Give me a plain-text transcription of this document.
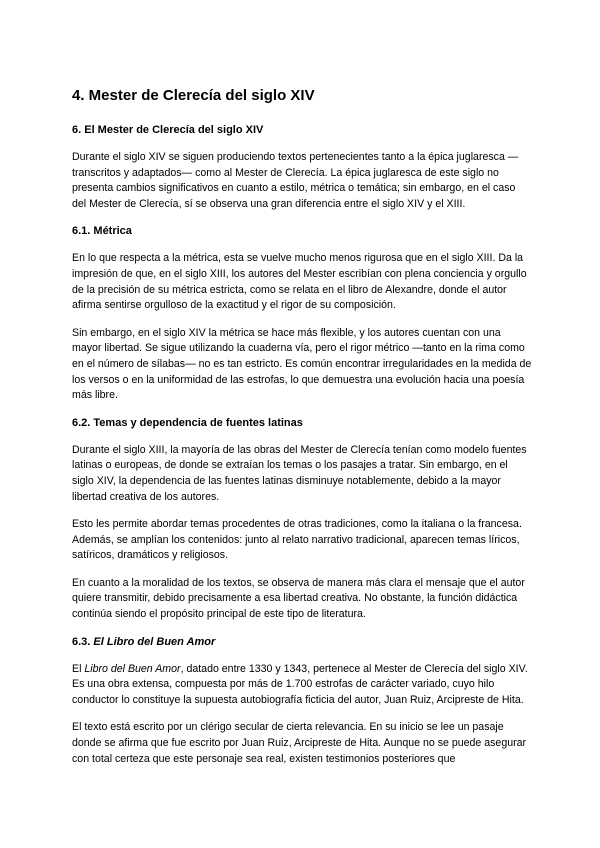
4. Mester de Clerecía del siglo XIV
6. El Mester de Clerecía del siglo XIV

Durante el siglo XIV se siguen produciendo textos pertenecientes tanto a la épica juglaresca —transcritos y adaptados— como al Mester de Clerecía. La épica juglaresca de este siglo no presenta cambios significativos en cuanto a estilo, métrica o temática; sin embargo, en el caso del Mester de Clerecía, sí se observa una gran diferencia entre el siglo XIV y el XIII.

6.1. Métrica

En lo que respecta a la métrica, esta se vuelve mucho menos rigurosa que en el siglo XIII. Da la impresión de que, en el siglo XIII, los autores del Mester escribían con plena conciencia y orgullo de la precisión de su métrica estricta, como se relata en el libro de Alexandre, donde el autor afirma sentirse orgulloso de la exactitud y el rigor de su composición.

Sin embargo, en el siglo XIV la métrica se hace más flexible, y los autores cuentan con una mayor libertad. Se sigue utilizando la cuaderna vía, pero el rigor métrico —tanto en la rima como en el número de sílabas— no es tan estricto. Es común encontrar irregularidades en la medida de los versos o en la uniformidad de las estrofas, lo que demuestra una evolución hacia una poesía más libre.

6.2. Temas y dependencia de fuentes latinas

Durante el siglo XIII, la mayoría de las obras del Mester de Clerecía tenían como modelo fuentes latinas o europeas, de donde se extraían los temas o los pasajes a tratar. Sin embargo, en el siglo XIV, la dependencia de las fuentes latinas disminuye notablemente, debido a la mayor libertad creativa de los autores.

Esto les permite abordar temas procedentes de otras tradiciones, como la italiana o la francesa. Además, se amplían los contenidos: junto al relato narrativo tradicional, aparecen temas líricos, satíricos, dramáticos y religiosos.

En cuanto a la moralidad de los textos, se observa de manera más clara el mensaje que el autor quiere transmitir, debido precisamente a esa libertad creativa. No obstante, la función didáctica continúa siendo el propósito principal de este tipo de literatura.

6.3. El Libro del Buen Amor

El Libro del Buen Amor, datado entre 1330 y 1343, pertenece al Mester de Clerecía del siglo XIV. Es una obra extensa, compuesta por más de 1.700 estrofas de carácter variado, cuyo hilo conductor lo constituye la supuesta autobiografía ficticia del autor, Juan Ruiz, Arcipreste de Hita.

El texto está escrito por un clérigo secular de cierta relevancia. En su inicio se lee un pasaje donde se afirma que fue escrito por Juan Ruiz, Arcipreste de Hita. Aunque no se puede asegurar con total certeza que este personaje sea real, existen testimonios posteriores que
